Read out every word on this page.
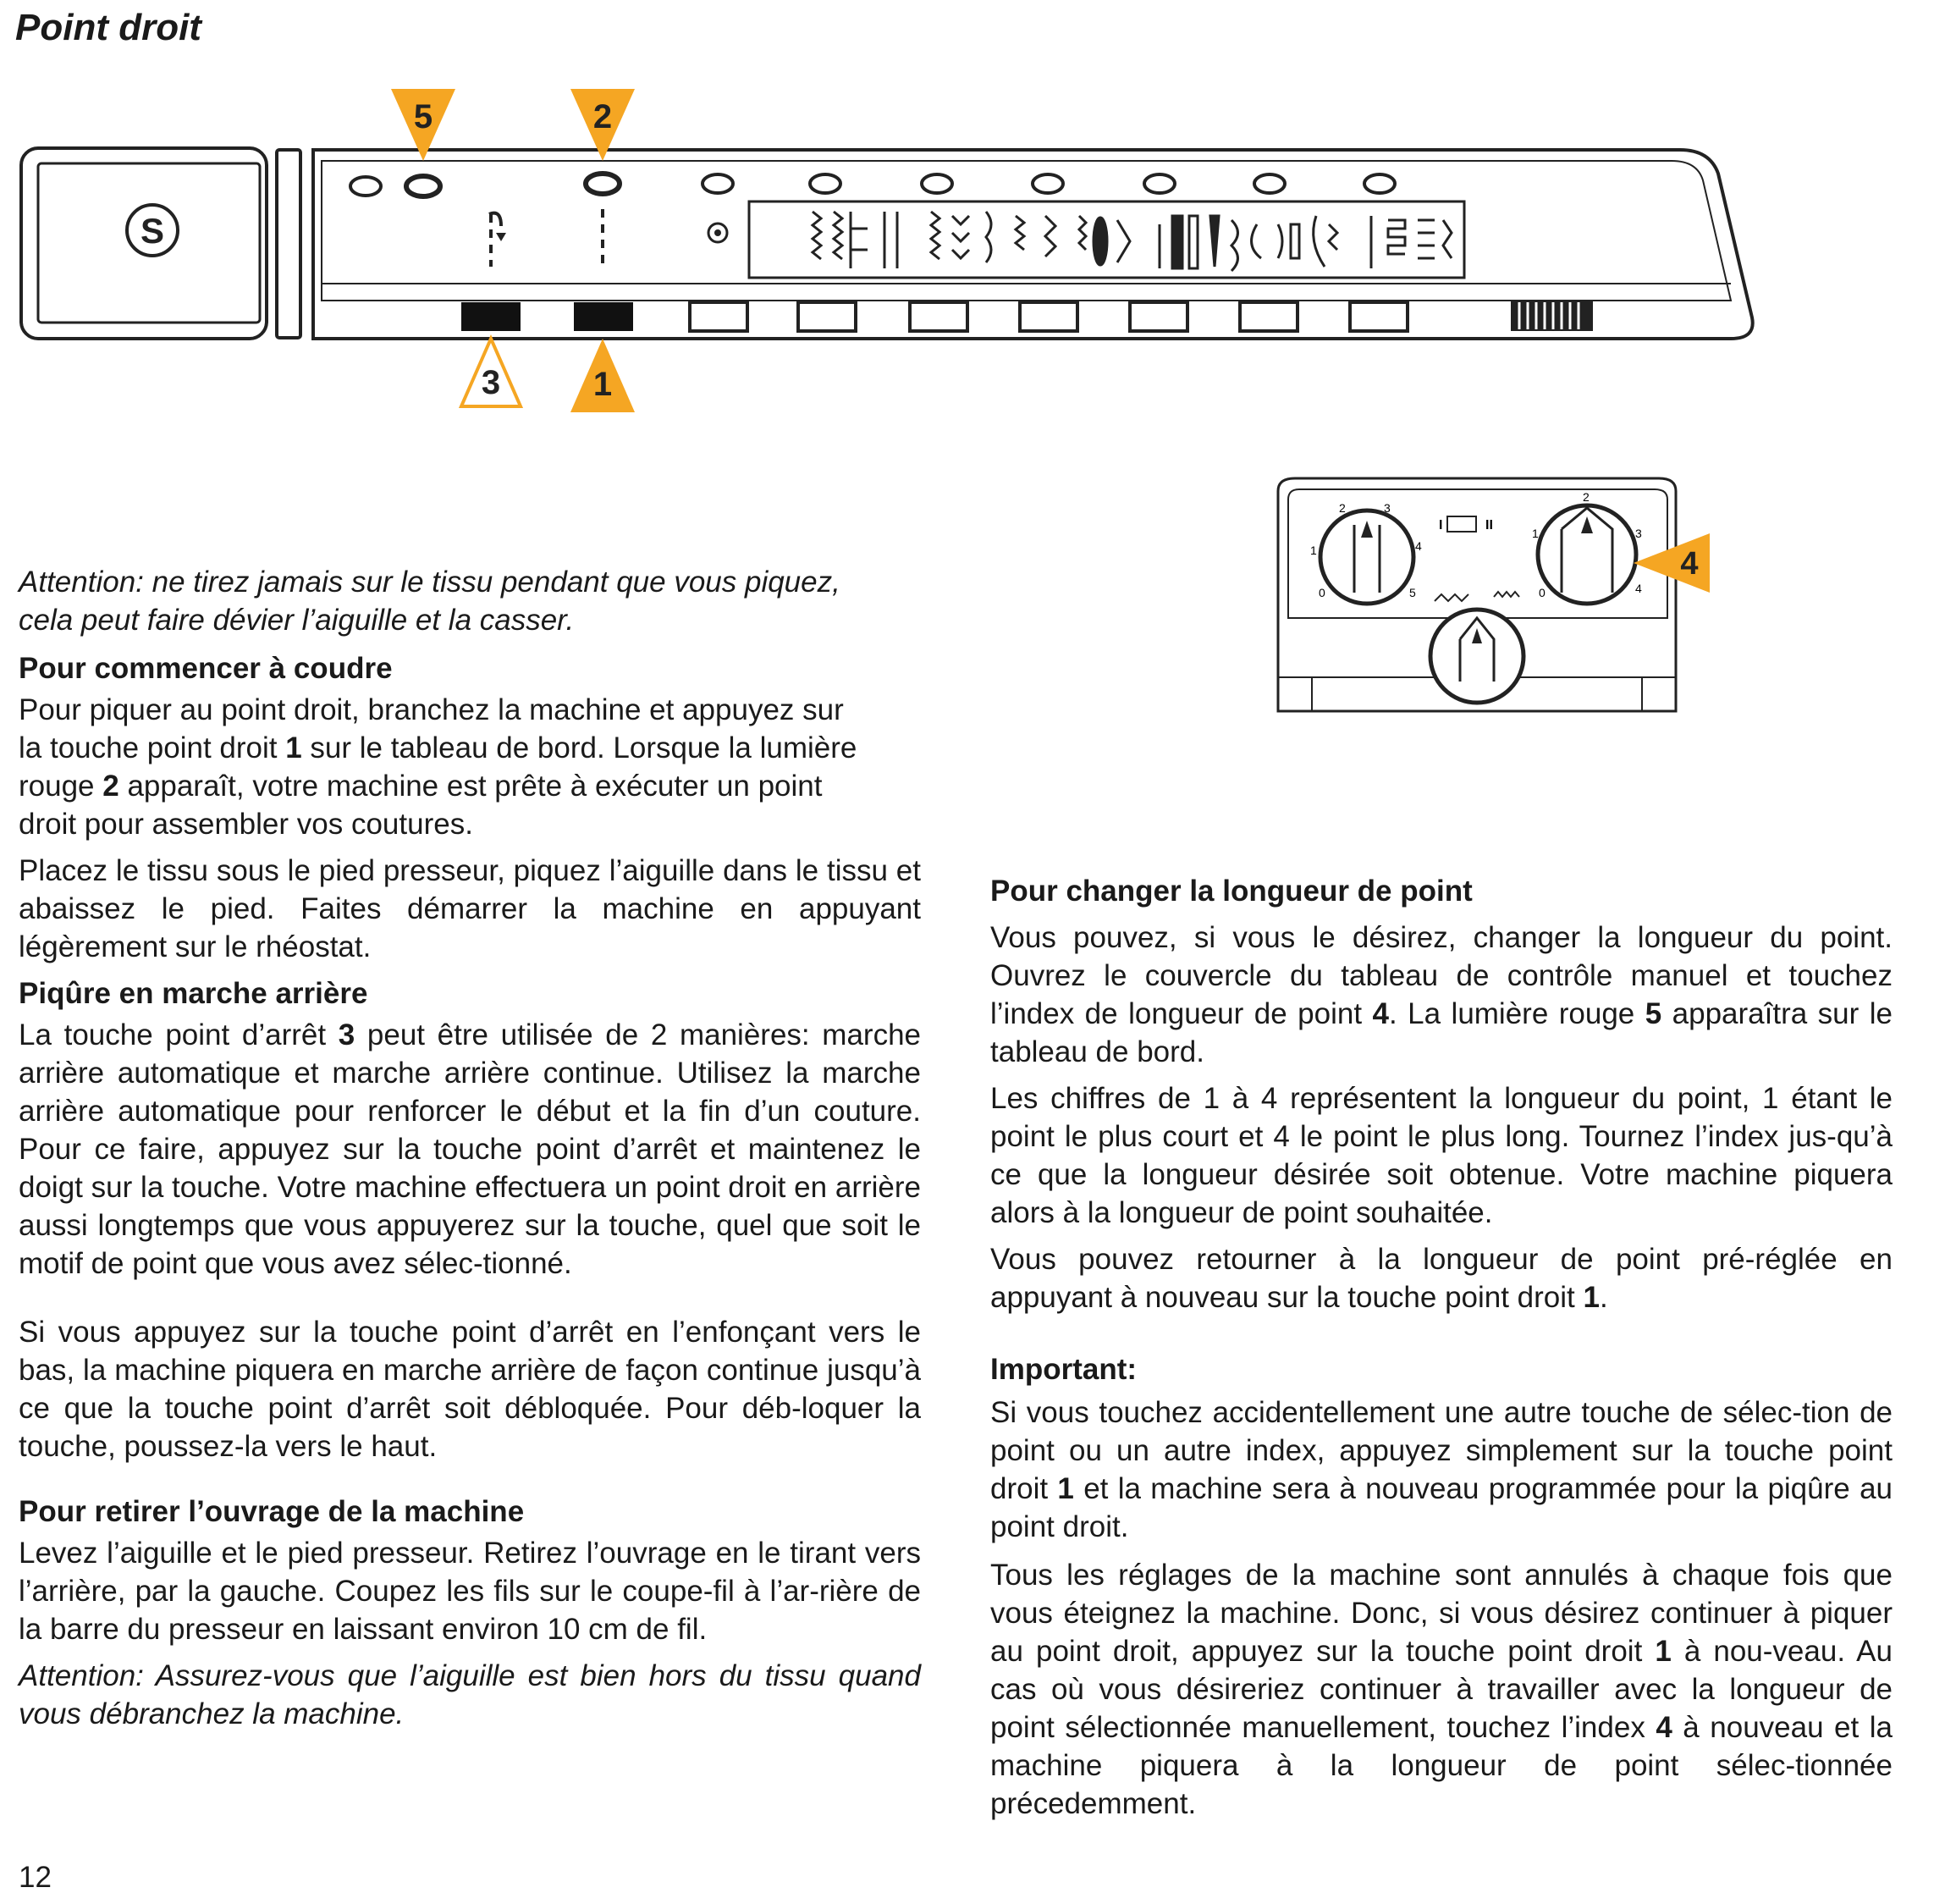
Point droit
S
5	2
3	1
0
1
2	3
4
5
I	II
0
1
2
3
4
4

Attention: ne tirez jamais sur le tissu pendant que vous piquez,

cela peut faire dévier l’aiguille et la casser.

Pour commencer à coudre

Pour piquer au point droit, branchez la machine et appuyez sur
la touche point droit 1 sur le tableau de bord. Lorsque la lumière
rouge 2 apparaît, votre machine est prête à exécuter un point
droit pour assembler vos coutures.

Placez le tissu sous le pied presseur, piquez l’aiguille dans le tissu et abaissez le pied. Faites démarrer la machine en appuyant légèrement sur le rhéostat.

Piqûre en marche arrière

La touche point d’arrêt 3 peut être utilisée de 2 manières: marche arrière automatique et marche arrière continue. Utilisez la marche arrière automatique pour renforcer le début et la fin d’un couture. Pour ce faire, appuyez sur la touche point d’arrêt et maintenez le doigt sur la touche. Votre machine effectuera un point droit en arrière aussi longtemps que vous appuyerez sur la touche, quel que soit le motif de point que vous avez sélec-tionné.

Si vous appuyez sur la touche point d’arrêt en l’enfonçant vers le bas, la machine piquera en marche arrière de façon continue jusqu’à ce que la touche point d’arrêt soit débloquée. Pour déb-loquer la touche, poussez-la vers le haut.

Pour retirer l’ouvrage de la machine

Levez l’aiguille et le pied presseur. Retirez l’ouvrage en le tirant vers l’arrière, par la gauche. Coupez les fils sur le coupe-fil à l’ar-rière de la barre du presseur en laissant environ 10 cm de fil.

Attention: Assurez-vous que l’aiguille est bien hors du tissu quand vous débranchez la machine.

Pour changer la longueur de point

Vous pouvez, si vous le désirez, changer la longueur du point. Ouvrez le couvercle du tableau de contrôle manuel et touchez l’index de longueur de point 4. La lumière rouge 5 apparaîtra sur le tableau de bord.

Les chiffres de 1 à 4 représentent la longueur du point, 1 étant le point le plus court et 4 le point le plus long. Tournez l’index jus-qu’à ce que la longueur désirée soit obtenue. Votre machine piquera alors à la longueur de point souhaitée.

Vous pouvez retourner à la longueur de point pré-réglée en appuyant à nouveau sur la touche point droit 1.

Important:

Si vous touchez accidentellement une autre touche de sélec-tion de point ou un autre index, appuyez simplement sur la touche point droit 1 et la machine sera à nouveau programmée pour la piqûre au point droit.

Tous les réglages de la machine sont annulés à chaque fois que vous éteignez la machine. Donc, si vous désirez continuer à piquer au point droit, appuyez sur la touche point droit 1 à nou-veau. Au cas où vous désireriez continuer à travailler avec la longueur de point sélectionnée manuellement, touchez l’index 4 à nouveau et la machine piquera à la longueur de point sélec-tionnée précedemment.

12
